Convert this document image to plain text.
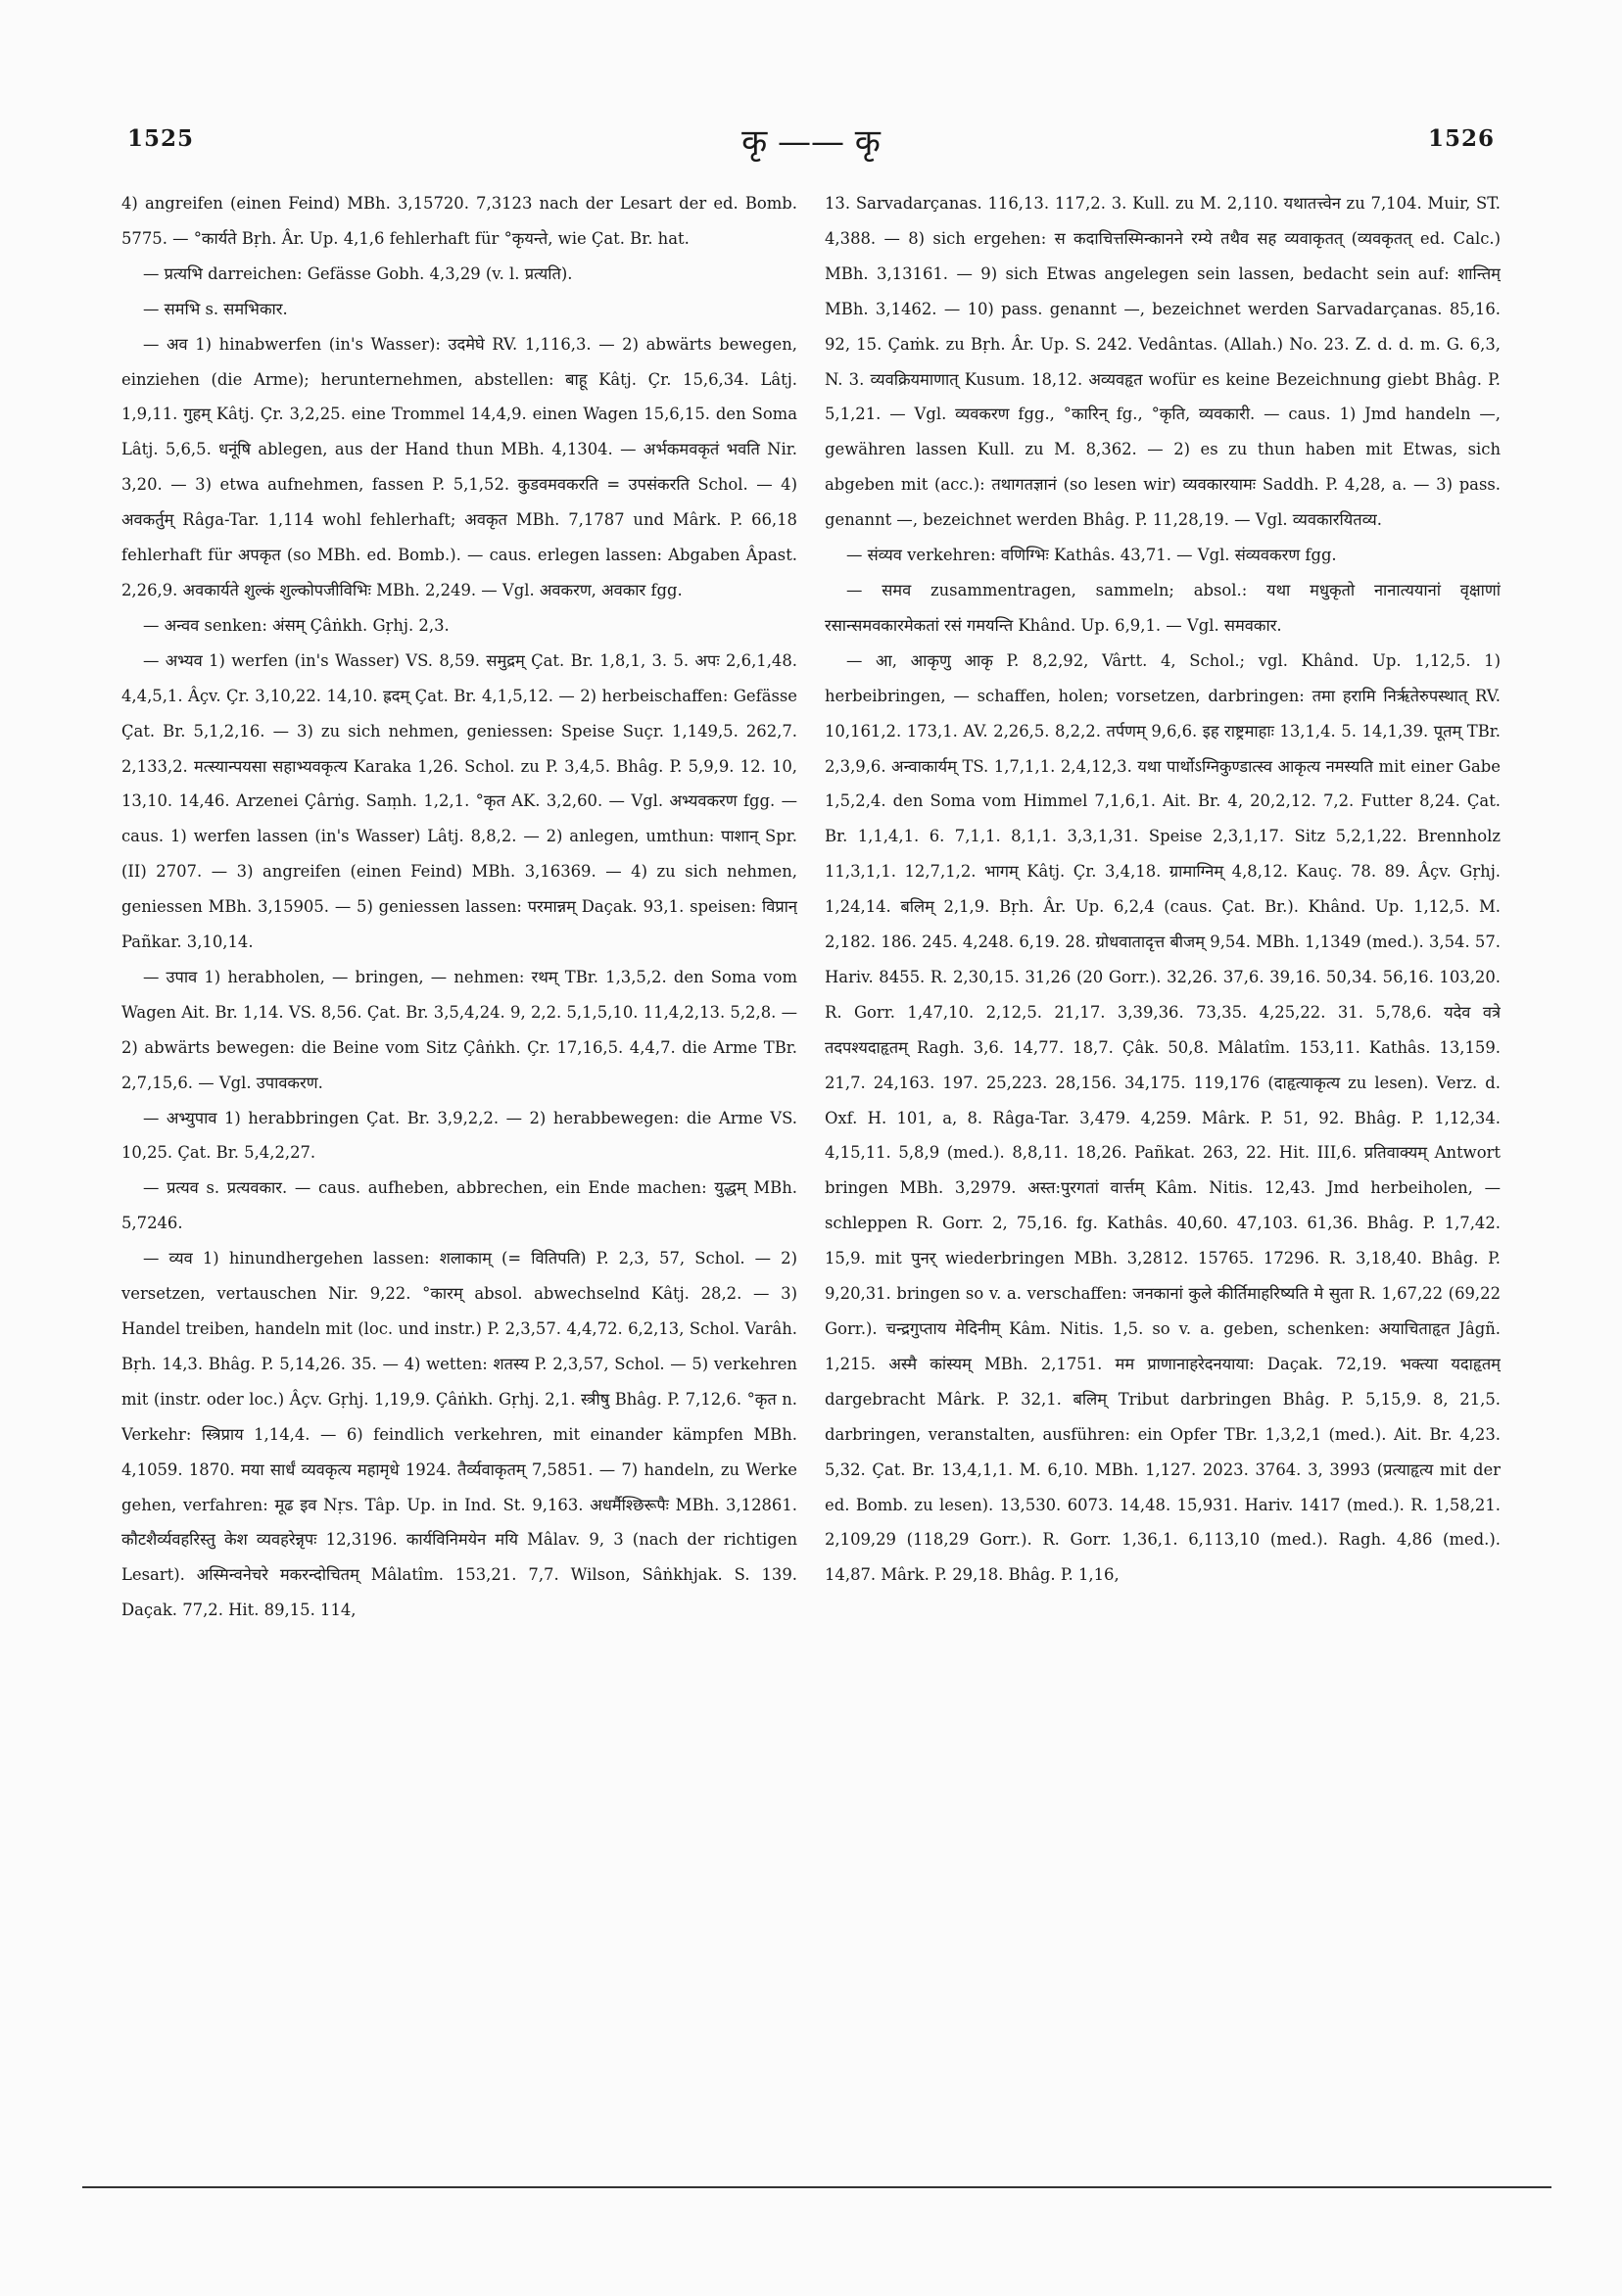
1525	कृ —— कृ	1526

4) angreifen (einen Feind) MBh. 3,15720. 7,3123 nach der Lesart der ed. Bomb. 5775. — °कार्यते Bṛh. Âr. Up. 4,1,6 fehlerhaft für °कृयन्ते, wie Çat. Br. hat.

— प्रत्यभि darreichen: Gefässe Gobh. 4,3,29 (v. l. प्रत्यति).

— समभि s. समभिकार.

— अव 1) hinabwerfen (in's Wasser): उदमेघे RV. 1,116,3. — 2) abwärts bewegen, einziehen (die Arme); herunternehmen, abstellen: बाहू Kâtj. Çr. 15,6,34. Lâtj. 1,9,11. गुहम् Kâtj. Çr. 3,2,25. eine Trommel 14,4,9. einen Wagen 15,6,15. den Soma Lâtj. 5,6,5. धनूंषि ablegen, aus der Hand thun MBh. 4,1304. — अर्भकमवकृतं भवति Nir. 3,20. — 3) etwa aufnehmen, fassen P. 5,1,52. कुडवमवकरति = उपसंकरति Schol. — 4) अवकर्तुम् Râga-Tar. 1,114 wohl fehlerhaft; अवकृत MBh. 7,1787 und Mârk. P. 66,18 fehlerhaft für अपकृत (so MBh. ed. Bomb.). — caus. erlegen lassen: Abgaben Âpast. 2,26,9. अवकार्यते शुल्कं शुल्कोपजीविभिः MBh. 2,249. — Vgl. अवकरण, अवकार fgg.

— अन्वव senken: अंसम् Çâṅkh. Gṛhj. 2,3.

— अभ्यव 1) werfen (in's Wasser) VS. 8,59. समुद्रम् Çat. Br. 1,8,1, 3. 5. अपः 2,6,1,48. 4,4,5,1. Âçv. Çr. 3,10,22. 14,10. ह्रदम् Çat. Br. 4,1,5,12. — 2) herbeischaffen: Gefässe Çat. Br. 5,1,2,16. — 3) zu sich nehmen, geniessen: Speise Suçr. 1,149,5. 262,7. 2,133,2. मत्स्यान्पयसा सहाभ्यवकृत्य Karaka 1,26. Schol. zu P. 3,4,5. Bhâg. P. 5,9,9. 12. 10, 13,10. 14,46. Arzenei Çârṅg. Saṃh. 1,2,1. °कृत AK. 3,2,60. — Vgl. अभ्यवकरण fgg. — caus. 1) werfen lassen (in's Wasser) Lâtj. 8,8,2. — 2) anlegen, umthun: पाशान् Spr. (II) 2707. — 3) angreifen (einen Feind) MBh. 3,16369. — 4) zu sich nehmen, geniessen MBh. 3,15905. — 5) geniessen lassen: परमान्नम् Daçak. 93,1. speisen: विप्रान् Pañkar. 3,10,14.

— उपाव 1) herabholen, — bringen, — nehmen: रथम् TBr. 1,3,5,2. den Soma vom Wagen Ait. Br. 1,14. VS. 8,56. Çat. Br. 3,5,4,24. 9, 2,2. 5,1,5,10. 11,4,2,13. 5,2,8. — 2) abwärts bewegen: die Beine vom Sitz Çâṅkh. Çr. 17,16,5. 4,4,7. die Arme TBr. 2,7,15,6. — Vgl. उपावकरण.

— अभ्युपाव 1) herabbringen Çat. Br. 3,9,2,2. — 2) herabbewegen: die Arme VS. 10,25. Çat. Br. 5,4,2,27.

— प्रत्यव s. प्रत्यवकार. — caus. aufheben, abbrechen, ein Ende machen: युद्धम् MBh. 5,7246.

— व्यव 1) hinundhergehen lassen: शलाकाम् (= वितिपति) P. 2,3, 57, Schol. — 2) versetzen, vertauschen Nir. 9,22. °कारम् absol. abwechselnd Kâtj. 28,2. — 3) Handel treiben, handeln mit (loc. und instr.) P. 2,3,57. 4,4,72. 6,2,13, Schol. Varâh. Bṛh. 14,3. Bhâg. P. 5,14,26. 35. — 4) wetten: शतस्य P. 2,3,57, Schol. — 5) verkehren mit (instr. oder loc.) Âçv. Gṛhj. 1,19,9. Çâṅkh. Gṛhj. 2,1. स्त्रीषु Bhâg. P. 7,12,6. °कृत n. Verkehr: स्त्रिप्राय 1,14,4. — 6) feindlich verkehren, mit einander kämpfen MBh. 4,1059. 1870. मया सार्धं व्यवकृत्य महामृधे 1924. तैर्व्यवाकृतम् 7,5851. — 7) handeln, zu Werke gehen, verfahren: मूढ इव Nṛs. Tâp. Up. in Ind. St. 9,163. अधर्मैश्छिरूपैः MBh. 3,12861. कौटशैर्व्यवहरिस्तु केश व्यवहरेन्नृपः 12,3196. कार्यविनिमयेन मयि Mâlav. 9, 3 (nach der richtigen Lesart). अस्मिन्वनेचरे मकरन्दोचितम् Mâlatîm. 153,21. 7,7. Wilson, Sâṅkhjak. S. 139. Daçak. 77,2. Hit. 89,15. 114,

13. Sarvadarçanas. 116,13. 117,2. 3. Kull. zu M. 2,110. यथातत्त्वेन zu 7,104. Muir, ST. 4,388. — 8) sich ergehen: स कदाचित्तस्मिन्कानने रम्ये तथैव सह व्यवाकृतत् (व्यवकृतत् ed. Calc.) MBh. 3,13161. — 9) sich Etwas angelegen sein lassen, bedacht sein auf: शान्तिम् MBh. 3,1462. — 10) pass. genannt —, bezeichnet werden Sarvadarçanas. 85,16. 92, 15. Çaṁk. zu Bṛh. Âr. Up. S. 242. Vedântas. (Allah.) No. 23. Z. d. d. m. G. 6,3, N. 3. व्यवक्रियमाणात् Kusum. 18,12. अव्यवहृत wofür es keine Bezeichnung giebt Bhâg. P. 5,1,21. — Vgl. व्यवकरण fgg., °कारिन् fg., °कृति, व्यवकारी. — caus. 1) Jmd handeln —, gewähren lassen Kull. zu M. 8,362. — 2) es zu thun haben mit Etwas, sich abgeben mit (acc.): तथागतज्ञानं (so lesen wir) व्यवकारयामः Saddh. P. 4,28, a. — 3) pass. genannt —, bezeichnet werden Bhâg. P. 11,28,19. — Vgl. व्यवकारयितव्य.

— संव्यव verkehren: वणिग्भिः Kathâs. 43,71. — Vgl. संव्यवकरण fgg.

— समव zusammentragen, sammeln; absol.: यथा मधुकृतो नानात्ययानां वृक्षाणां रसान्समवकारमेकतां रसं गमयन्ति Khând. Up. 6,9,1. — Vgl. समवकार.

— आ, आकृणु आकृ P. 8,2,92, Vârtt. 4, Schol.; vgl. Khând. Up. 1,12,5. 1) herbeibringen, — schaffen, holen; vorsetzen, darbringen: तमा हरामि निर्ऋतेरुपस्थात् RV. 10,161,2. 173,1. AV. 2,26,5. 8,2,2. तर्पणम् 9,6,6. इह राष्ट्रमाहाः 13,1,4. 5. 14,1,39. पूतम् TBr. 2,3,9,6. अन्वाकार्यम् TS. 1,7,1,1. 2,4,12,3. यथा पार्थोऽग्निकुण्डात्स्व आकृत्य नमस्यति mit einer Gabe 1,5,2,4. den Soma vom Himmel 7,1,6,1. Ait. Br. 4, 20,2,12. 7,2. Futter 8,24. Çat. Br. 1,1,4,1. 6. 7,1,1. 8,1,1. 3,3,1,31. Speise 2,3,1,17. Sitz 5,2,1,22. Brennholz 11,3,1,1. 12,7,1,2. भागम् Kâtj. Çr. 3,4,18. ग्रामाग्निम् 4,8,12. Kauç. 78. 89. Âçv. Gṛhj. 1,24,14. बलिम् 2,1,9. Bṛh. Âr. Up. 6,2,4 (caus. Çat. Br.). Khând. Up. 1,12,5. M. 2,182. 186. 245. 4,248. 6,19. 28. ग्रोधवातादृत्त बीजम् 9,54. MBh. 1,1349 (med.). 3,54. 57. Hariv. 8455. R. 2,30,15. 31,26 (20 Gorr.). 32,26. 37,6. 39,16. 50,34. 56,16. 103,20. R. Gorr. 1,47,10. 2,12,5. 21,17. 3,39,36. 73,35. 4,25,22. 31. 5,78,6. यदेव वत्रे तदपश्यदाहृतम् Ragh. 3,6. 14,77. 18,7. Çâk. 50,8. Mâlatîm. 153,11. Kathâs. 13,159. 21,7. 24,163. 197. 25,223. 28,156. 34,175. 119,176 (दाहृत्याकृत्य zu lesen). Verz. d. Oxf. H. 101, a, 8. Râga-Tar. 3,479. 4,259. Mârk. P. 51, 92. Bhâg. P. 1,12,34. 4,15,11. 5,8,9 (med.). 8,8,11. 18,26. Pañkat. 263, 22. Hit. III,6. प्रतिवाक्यम् Antwort bringen MBh. 3,2979. अस्त:पुरगतां वार्त्तम् Kâm. Nitis. 12,43. Jmd herbeiholen, — schleppen R. Gorr. 2, 75,16. fg. Kathâs. 40,60. 47,103. 61,36. Bhâg. P. 1,7,42. 15,9. mit पुनर् wiederbringen MBh. 3,2812. 15765. 17296. R. 3,18,40. Bhâg. P. 9,20,31. bringen so v. a. verschaffen: जनकानां कुले कीर्तिमाहरिष्यति मे सुता R. 1,67,22 (69,22 Gorr.). चन्द्रगुप्ताय मेदिनीम् Kâm. Nitis. 1,5. so v. a. geben, schenken: अयाचिताहृत Jâgñ. 1,215. अस्मै कांस्यम् MBh. 2,1751. मम प्राणानाहरेदनयाया: Daçak. 72,19. भक्त्या यदाहृतम् dargebracht Mârk. P. 32,1. बलिम् Tribut darbringen Bhâg. P. 5,15,9. 8, 21,5. darbringen, veranstalten, ausführen: ein Opfer TBr. 1,3,2,1 (med.). Ait. Br. 4,23. 5,32. Çat. Br. 13,4,1,1. M. 6,10. MBh. 1,127. 2023. 3764. 3, 3993 (प्रत्याहृत्य mit der ed. Bomb. zu lesen). 13,530. 6073. 14,48. 15,931. Hariv. 1417 (med.). R. 1,58,21. 2,109,29 (118,29 Gorr.). R. Gorr. 1,36,1. 6,113,10 (med.). Ragh. 4,86 (med.). 14,87. Mârk. P. 29,18. Bhâg. P. 1,16,
